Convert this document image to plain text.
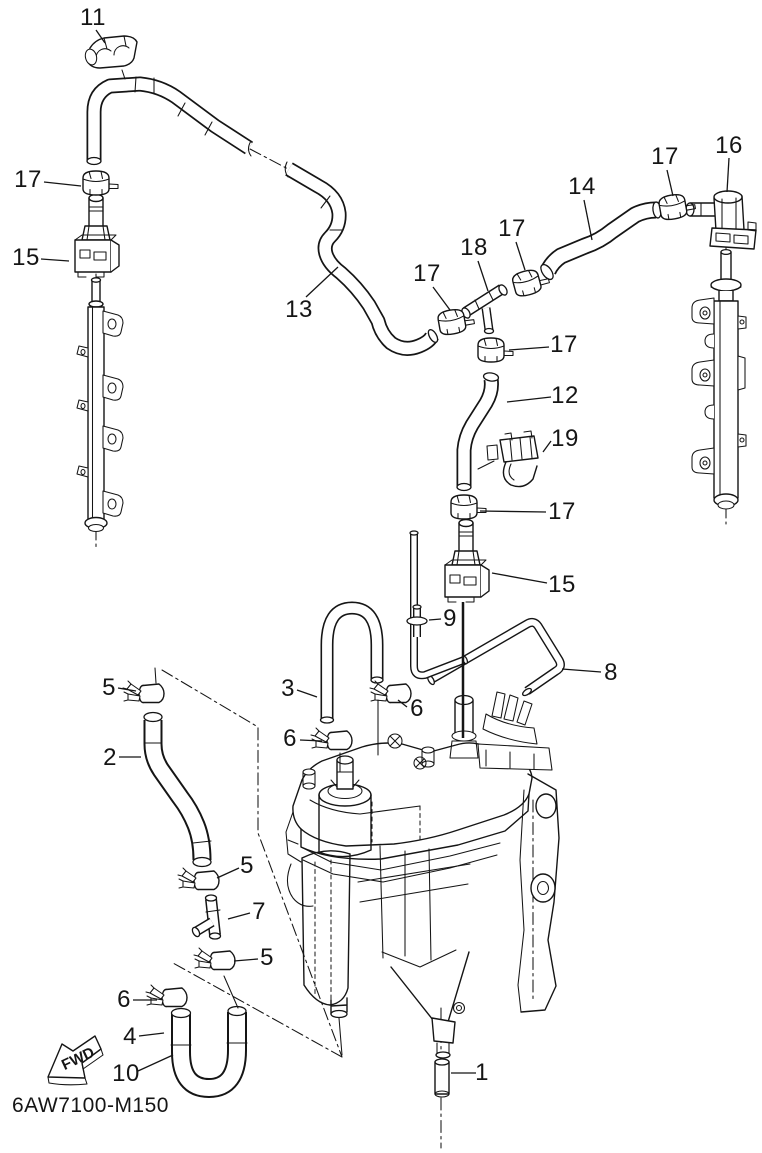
FWD
6AW7100-M150
11
17
15
13
17
18
17
14
17 16
17
12
19
17
15
9
8
3
6
6
5
2
5
7
5
6
4
10	1
